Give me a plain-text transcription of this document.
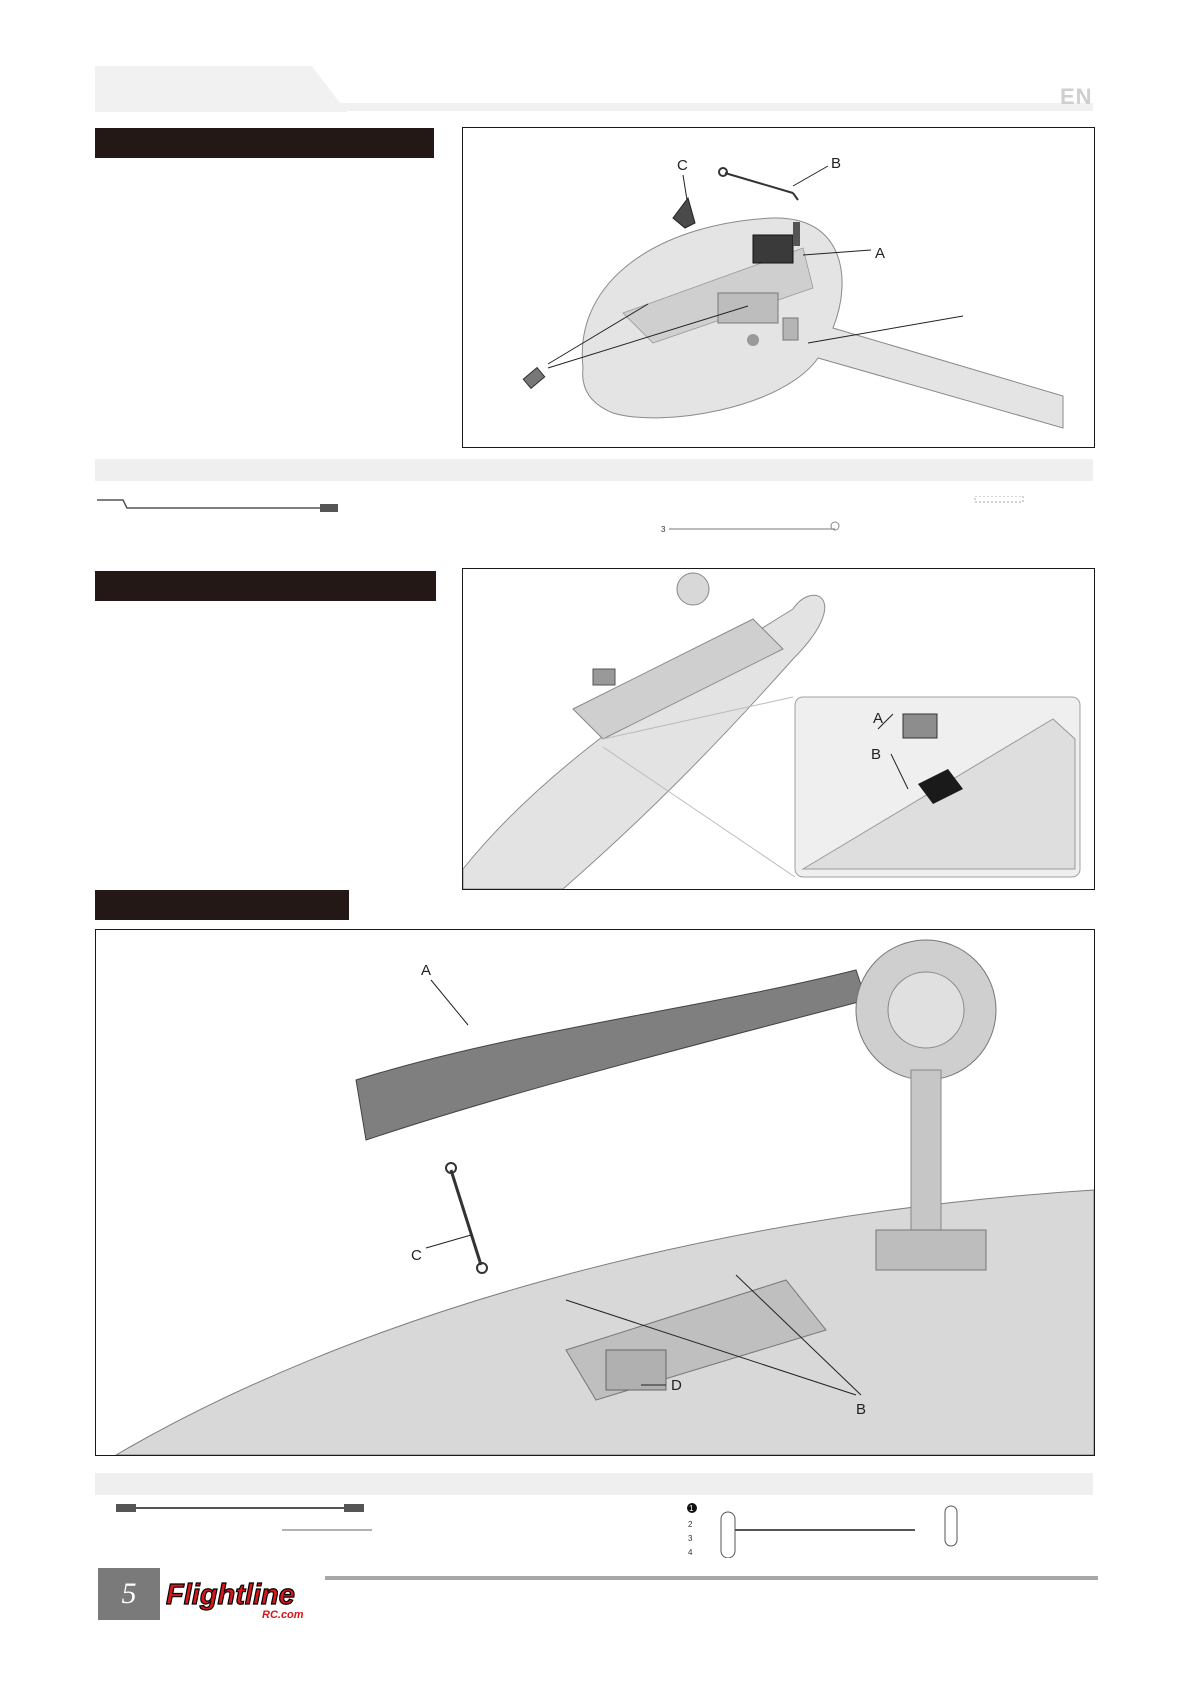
EN
C	B
A
3
A
B
A
C
D
B
1
2
3
4
5	Flightline
RC.com
